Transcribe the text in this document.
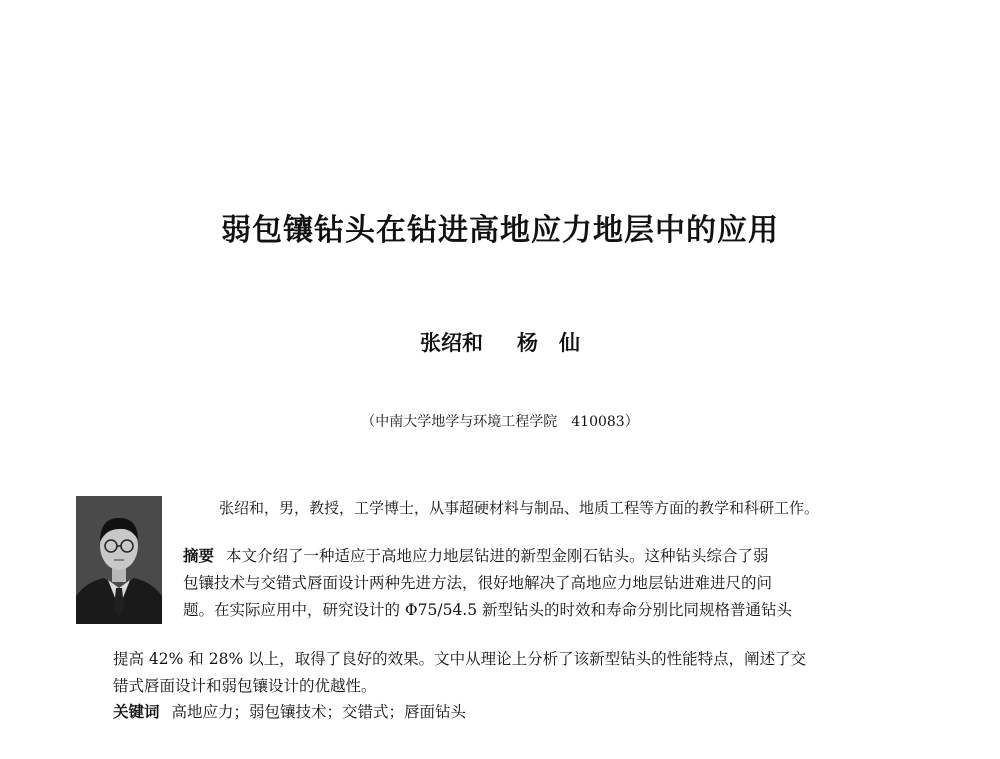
弱包镶钻头在钻进高地应力地层中的应用
张绍和 杨　仙
（中南大学地学与环境工程学院　410083）
张绍和，男，教授，工学博士，从事超硬材料与制品、地质工程等方面的教学和科研工作。
摘要 本文介绍了一种适应于高地应力地层钻进的新型金刚石钻头。这种钻头综合了弱
包镶技术与交错式唇面设计两种先进方法，很好地解决了高地应力地层钻进难进尺的问
题。在实际应用中，研究设计的 Φ75/54.5 新型钻头的时效和寿命分别比同规格普通钻头
提高 42% 和 28% 以上，取得了良好的效果。文中从理论上分析了该新型钻头的性能特点，阐述了交
错式唇面设计和弱包镶设计的优越性。
关键词 高地应力；弱包镶技术；交错式；唇面钻头
